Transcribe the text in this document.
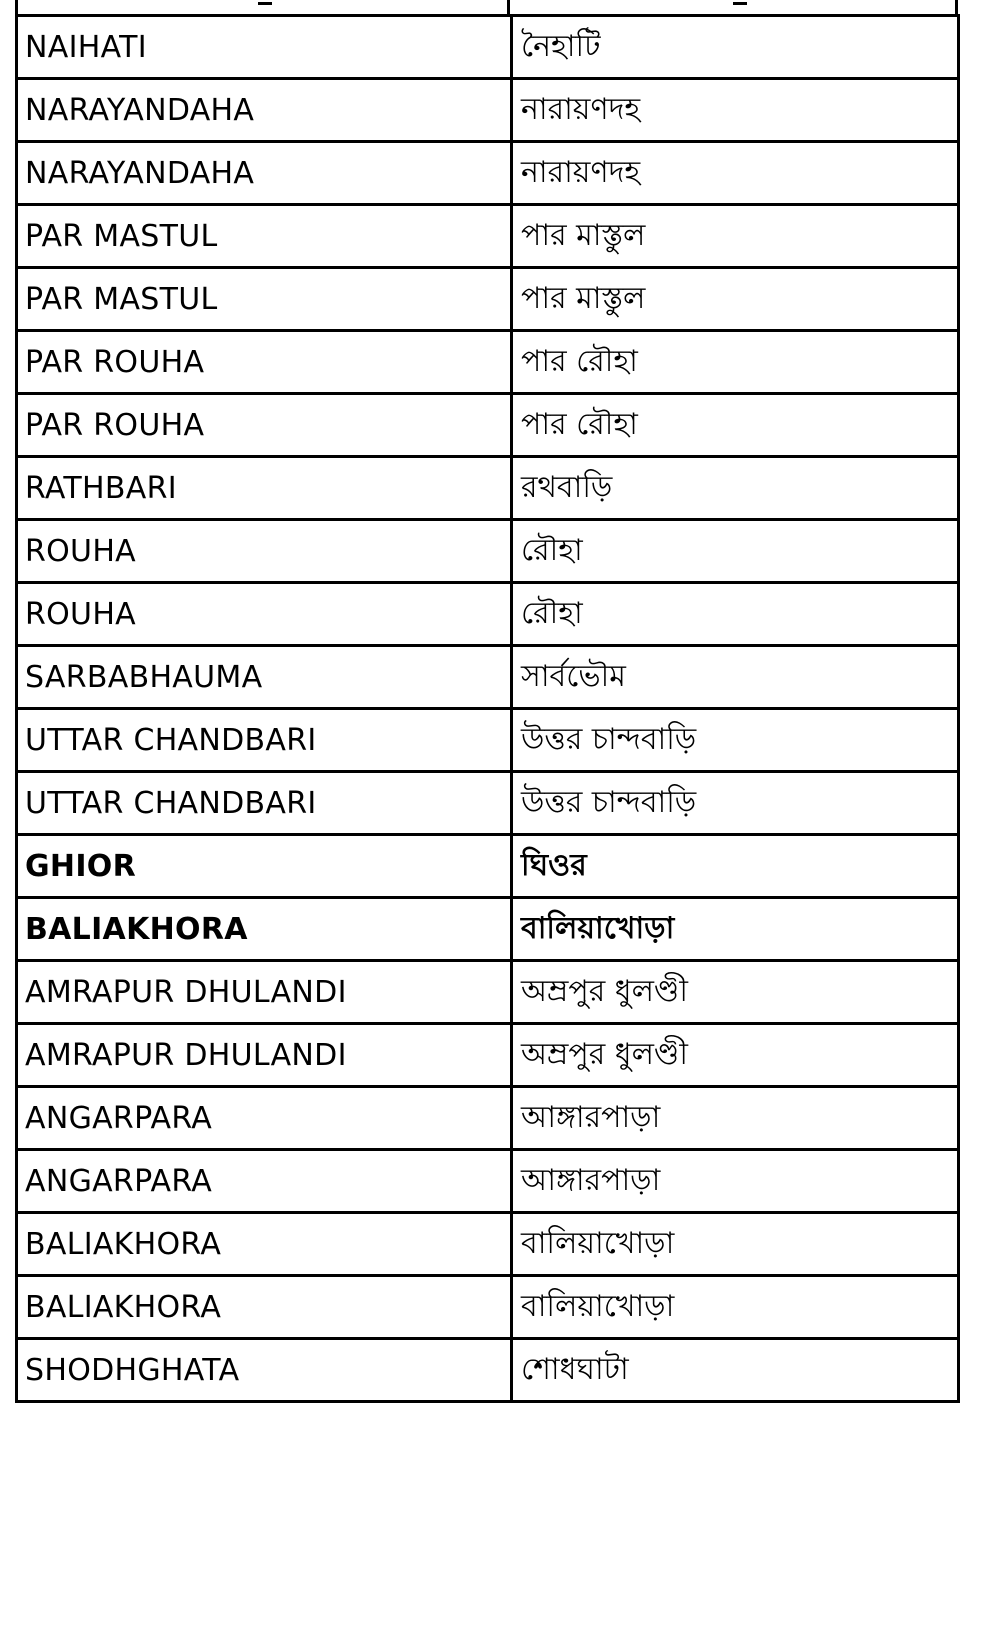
NAIHATI	নৈহাটি
NARAYANDAHA	নারায়ণদহ
NARAYANDAHA	নারায়ণদহ
PAR MASTUL	পার মাস্তুল
PAR MASTUL	পার মাস্তুল
PAR ROUHA	পার রৌহা
PAR ROUHA	পার রৌহা
RATHBARI	রথবাড়ি
ROUHA	রৌহা
ROUHA	রৌহা
SARBABHAUMA	সার্বভৌম
UTTAR CHANDBARI	উত্তর চান্দবাড়ি
UTTAR CHANDBARI	উত্তর চান্দবাড়ি
GHIOR	ঘিওর
BALIAKHORA	বালিয়াখোড়া
AMRAPUR DHULANDI	অম্রপুর ধুলণ্ডী
AMRAPUR DHULANDI	অম্রপুর ধুলণ্ডী
ANGARPARA	আঙ্গারপাড়া
ANGARPARA	আঙ্গারপাড়া
BALIAKHORA	বালিয়াখোড়া
BALIAKHORA	বালিয়াখোড়া
SHODHGHATA	শোধঘাটা
